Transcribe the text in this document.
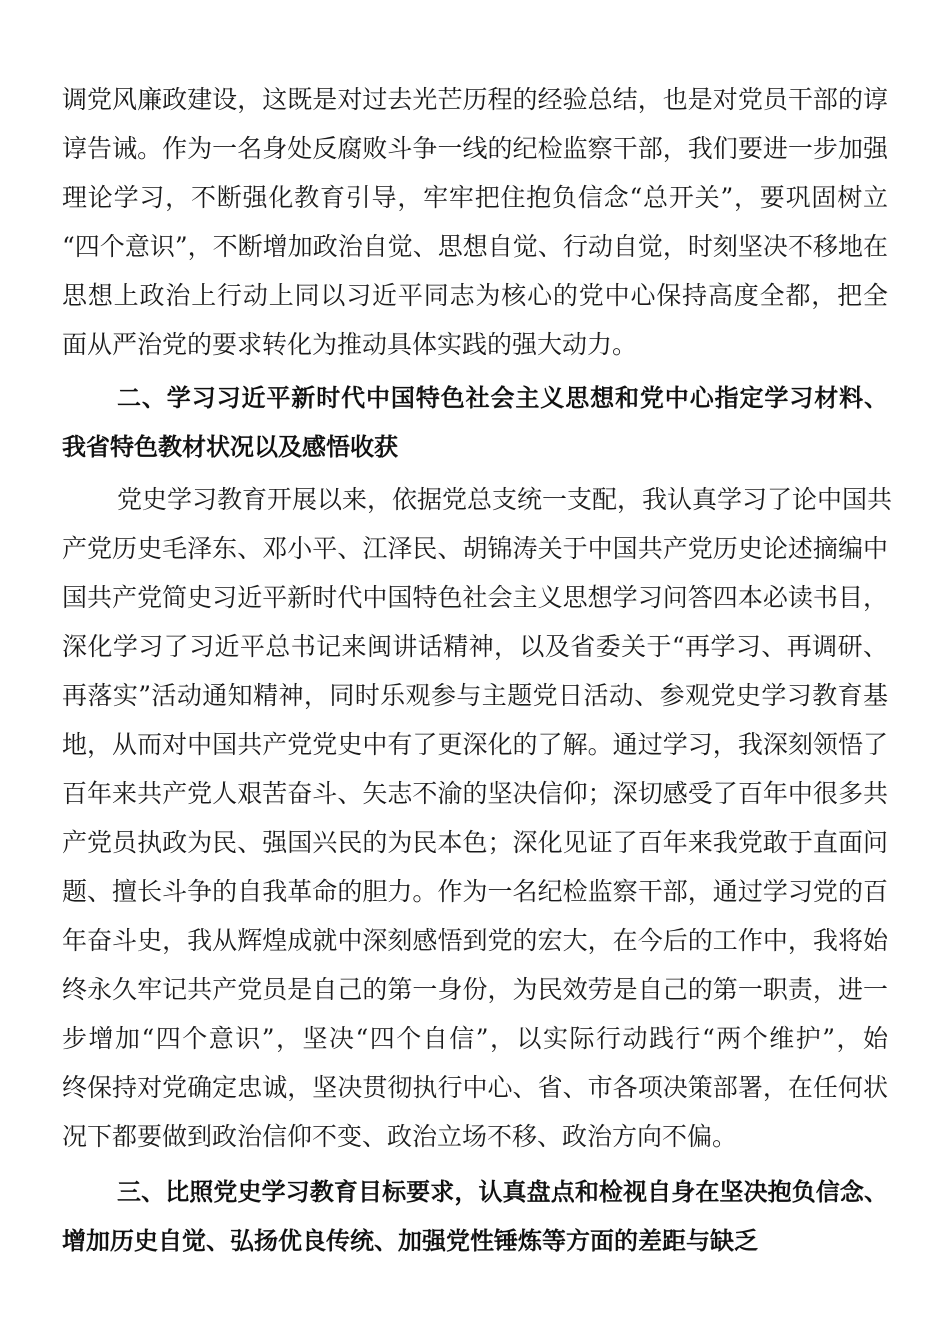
调党风廉政建设，这既是对过去光芒历程的经验总结，也是对党员干部的谆
谆告诫。作为一名身处反腐败斗争一线的纪检监察干部，我们要进一步加强
理论学习，不断强化教育引导，牢牢把住抱负信念“总开关”，要巩固树立
“四个意识”，不断增加政治自觉、思想自觉、行动自觉，时刻坚决不移地在
思想上政治上行动上同以习近平同志为核心的党中心保持高度全都，把全
面从严治党的要求转化为推动具体实践的强大动力。
二、学习习近平新时代中国特色社会主义思想和党中心指定学习材料、
我省特色教材状况以及感悟收获
党史学习教育开展以来，依据党总支统一支配，我认真学习了论中国共
产党历史毛泽东、邓小平、江泽民、胡锦涛关于中国共产党历史论述摘编中
国共产党简史习近平新时代中国特色社会主义思想学习问答四本必读书目，
深化学习了习近平总书记来闽讲话精神，以及省委关于“再学习、再调研、
再落实”活动通知精神，同时乐观参与主题党日活动、参观党史学习教育基
地，从而对中国共产党党史中有了更深化的了解。通过学习，我深刻领悟了
百年来共产党人艰苦奋斗、矢志不渝的坚决信仰；深切感受了百年中很多共
产党员执政为民、强国兴民的为民本色；深化见证了百年来我党敢于直面问
题、擅长斗争的自我革命的胆力。作为一名纪检监察干部，通过学习党的百
年奋斗史，我从辉煌成就中深刻感悟到党的宏大，在今后的工作中，我将始
终永久牢记共产党员是自己的第一身份，为民效劳是自己的第一职责，进一
步增加“四个意识”，坚决“四个自信”，以实际行动践行“两个维护”，始
终保持对党确定忠诚，坚决贯彻执行中心、省、市各项决策部署，在任何状
况下都要做到政治信仰不变、政治立场不移、政治方向不偏。
三、比照党史学习教育目标要求，认真盘点和检视自身在坚决抱负信念、
增加历史自觉、弘扬优良传统、加强党性锤炼等方面的差距与缺乏
